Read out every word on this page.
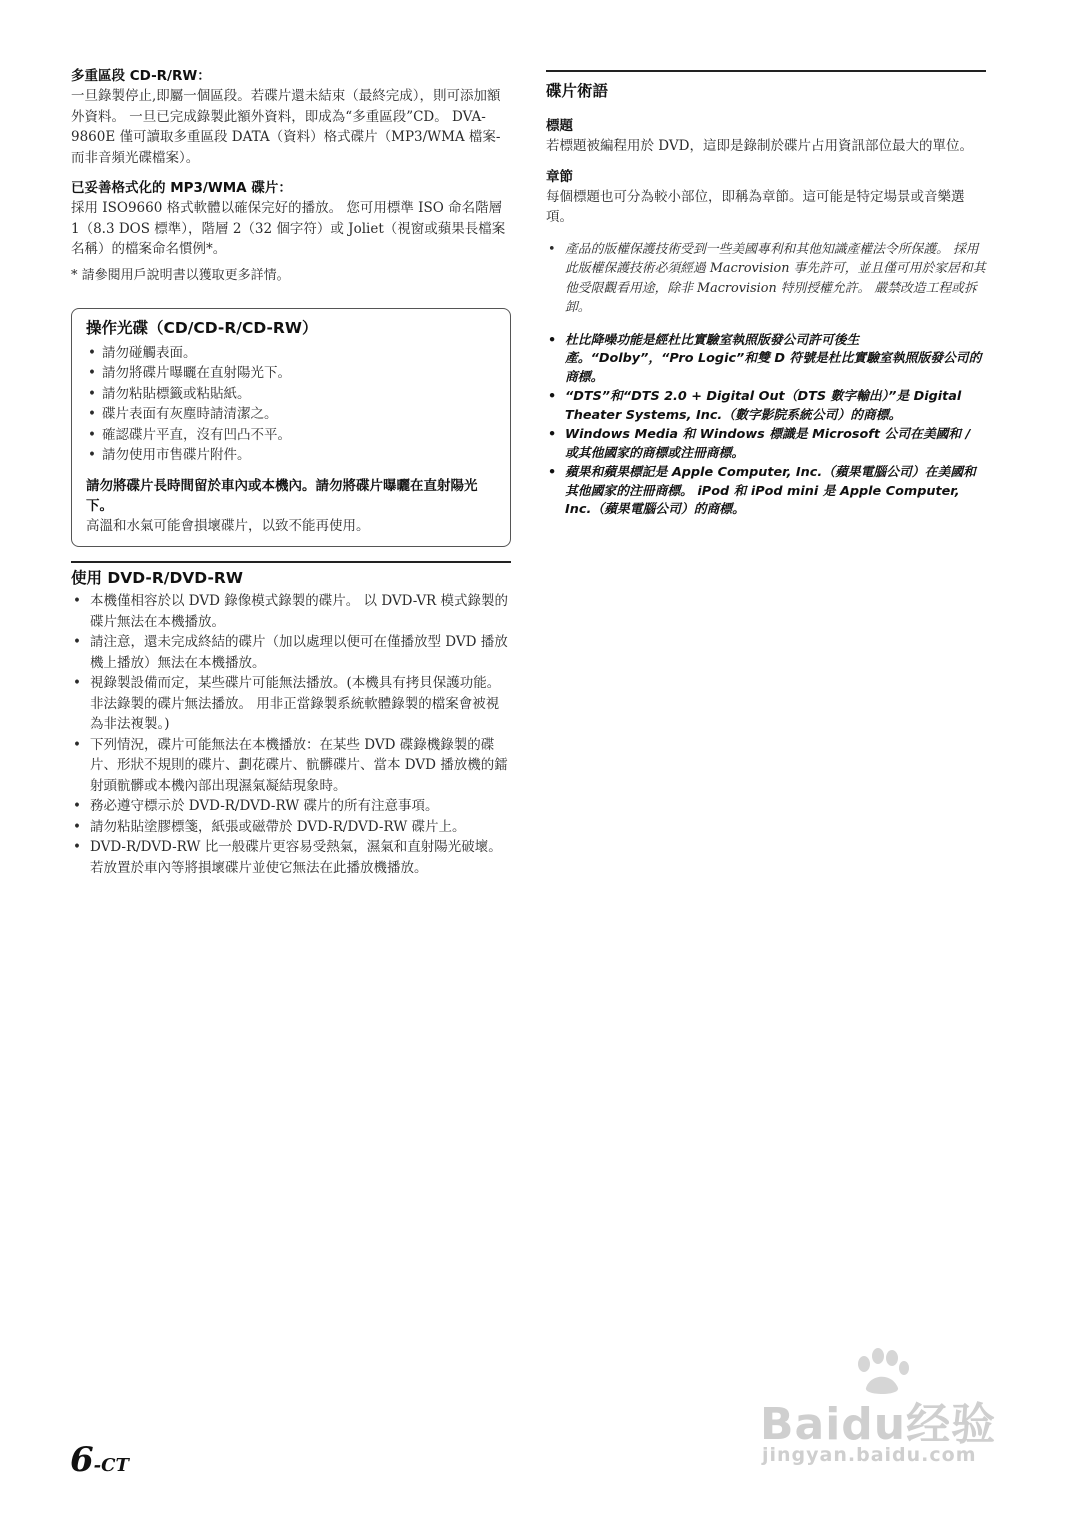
多重區段 CD-R/RW：

一旦錄製停止,即屬一個區段。若碟片還未結束（最終完成），則可添加額外資料。 一旦已完成錄製此額外資料，即成為“多重區段”CD。 DVA-9860E 僅可讀取多重區段 DATA（資料）格式碟片（MP3/WMA 檔案-而非音頻光碟檔案）。

已妥善格式化的 MP3/WMA 碟片：

採用 ISO9660 格式軟體以確保完好的播放。 您可用標準 ISO 命名階層 1（8.3 DOS 標準），階層 2（32 個字符）或 Joliet（視窗或蘋果長檔案名稱）的檔案命名慣例*。

* 請參閱用戶說明書以獲取更多詳情。

操作光碟（CD/CD-R/CD-RW）

• 請勿碰觸表面。
• 請勿將碟片曝曬在直射陽光下。
• 請勿粘貼標籤或粘貼紙。
• 碟片表面有灰塵時請清潔之。
• 確認碟片平直，沒有凹凸不平。
• 請勿使用市售碟片附件。

請勿將碟片長時間留於車內或本機內。請勿將碟片曝曬在直射陽光下。

高溫和水氣可能會損壞碟片，以致不能再使用。

使用 DVD-R/DVD-RW

• 本機僅相容於以 DVD 錄像模式錄製的碟片。 以 DVD-VR 模式錄製的碟片無法在本機播放。
• 請注意，還未完成終結的碟片（加以處理以便可在僅播放型 DVD 播放機上播放）無法在本機播放。
• 視錄製設備而定，某些碟片可能無法播放。(本機具有拷貝保護功能。 非法錄製的碟片無法播放。 用非正當錄製系統軟體錄製的檔案會被視為非法複製。)
• 下列情況，碟片可能無法在本機播放：在某些 DVD 碟錄機錄製的碟片、形狀不規則的碟片、劃花碟片、骯髒碟片、當本 DVD 播放機的鐳射頭骯髒或本機內部出現濕氣凝結現象時。
• 務必遵守標示於 DVD-R/DVD-RW 碟片的所有注意事項。
• 請勿粘貼塗膠標箋，紙張或磁帶於 DVD-R/DVD-RW 碟片上。
• DVD-R/DVD-RW 比一般碟片更容易受熱氣，濕氣和直射陽光破壞。 若放置於車內等將損壞碟片並使它無法在此播放機播放。
碟片術語

標題

若標題被編程用於 DVD，這即是錄制於碟片占用資訊部位最大的單位。

章節

每個標題也可分為較小部位，即稱為章節。這可能是特定場景或音樂選項。

• 產品的版權保護技術受到一些美國專利和其他知識產權法令所保護。 採用此版權保護技術必須經過 Macrovision 事先許可，並且僅可用於家居和其他受限觀看用途，除非 Macrovision 特別授權允許。 嚴禁改造工程或拆卸。
• 杜比降噪功能是經杜比實驗室執照版發公司許可後生產。“Dolby”，“Pro Logic”和雙 D 符號是杜比實驗室執照版發公司的商標。
• “DTS”和“DTS 2.0 + Digital Out（DTS 數字輸出）”是 Digital Theater Systems, Inc.（數字影院系統公司）的商標。
• Windows Media 和 Windows 標識是 Microsoft 公司在美國和 / 或其他國家的商標或注冊商標。
• 蘋果和蘋果標記是 Apple Computer, Inc.（蘋果電腦公司）在美國和其他國家的注冊商標。 iPod 和 iPod mini 是 Apple Computer, Inc.（蘋果電腦公司）的商標。
6-CT
Baidu经验
jingyan.baidu.com
